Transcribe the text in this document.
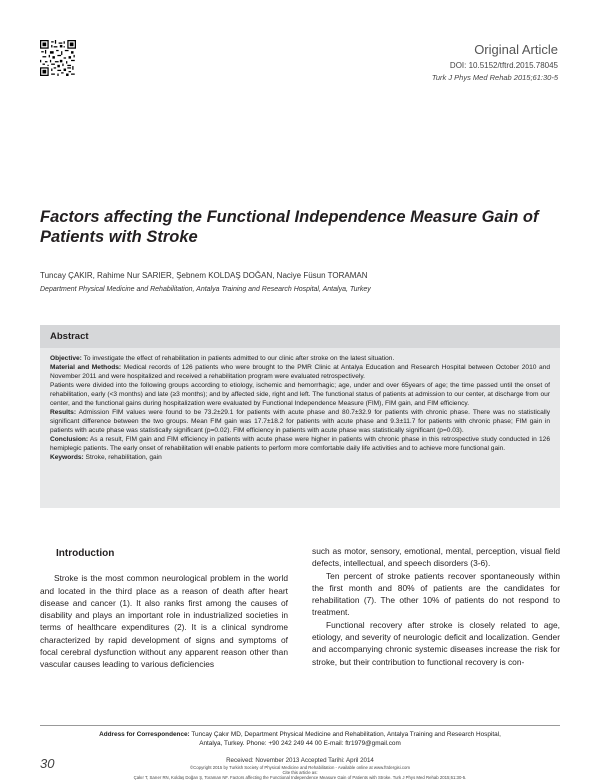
Original Article
DOI: 10.5152/tftrd.2015.78045
Turk J Phys Med Rehab 2015;61:30-5
Factors affecting the Functional Independence Measure Gain of Patients with Stroke
Tuncay ÇAKIR, Rahime Nur SARIER, Şebnem KOLDAŞ DOĞAN, Naciye Füsun TORAMAN
Department Physical Medicine and Rehabilitation, Antalya Training and Research Hospital, Antalya, Turkey
Abstract

Objective: To investigate the effect of rehabilitation in patients admitted to our clinic after stroke on the latest situation.

Material and Methods: Medical records of 126 patients who were brought to the PMR Clinic at Antalya Education and Research Hospital between October 2010 and November 2011 and were hospitalized and received a rehabilitation program were evaluated retrospectively.

Patients were divided into the following groups according to etiology, ischemic and hemorrhagic; age, under and over 65years of age; the time passed until the onset of rehabilitation, early (<3 months) and late (≥3 months); and by affected side, right and left. The functional status of patients at admission to our center, at discharge from our center, and the functional gains during hospitalization were evaluated by Functional Independence Measure (FIM), FIM gain, and FIM efficiency.

Results: Admission FIM values were found to be 73.2±29.1 for patients with acute phase and 80.7±32.9 for patients with chronic phase. There was no statistically significant difference between the two groups. Mean FIM gain was 17.7±18.2 for patients with acute phase and 9.3±11.7 for patients with chronic phase; FIM gain in patients with acute phase was statistically significant (p=0.02). FIM efficiency in patients with acute phase was statistically significant (p=0.03).

Conclusion: As a result, FIM gain and FIM efficiency in patients with acute phase were higher in patients with chronic phase in this retrospective study conducted in 126 hemiplegic patients. The early onset of rehabilitation will enable patients to perform more comfortable daily life activities and to achieve more functional gain.

Keywords: Stroke, rehabilitation, gain

Introduction

Stroke is the most common neurological problem in the world and located in the third place as a reason of death after heart disease and cancer (1). It also ranks first among the causes of disability and plays an important role in industrialized societies in terms of healthcare expenditures (2). It is a clinical syndrome characterized by rapid development of signs and symptoms of focal cerebral dysfunction without any apparent reason other than vascular causes leading to various deficiencies

such as motor, sensory, emotional, mental, perception, visual field defects, intellectual, and speech disorders (3-6).

Ten percent of stroke patients recover spontaneously within the first month and 80% of patients are the candidates for rehabilitation (7). The other 10% of patients do not respond to treatment.

Functional recovery after stroke is closely related to age, etiology, and severity of neurologic deficit and localization. Gender and accompanying chronic systemic diseases increase the risk for stroke, but their contribution to functional recovery is con-

Address for Correspondence: Tuncay Çakır MD, Department Physical Medicine and Rehabilitation, Antalya Training and Research Hospital, Antalya, Turkey. Phone: +90 242 249 44 00 E-mail: ftr1979@gmail.com
30	Received: November 2013 Accepted Tarihi: April 2014
©Copyright 2015 by Turkish Society of Physical Medicine and Rehabilitation - Available online at www.ftrdergisi.com
Cite this article as:
Çakır T, Sarıer RN, Koldaş Doğan Ş, Toraman NF. Factors affecting the Functional Independence Measure Gain of Patients with Stroke. Turk J Phys Med Rehab 2015;61:30-5.
